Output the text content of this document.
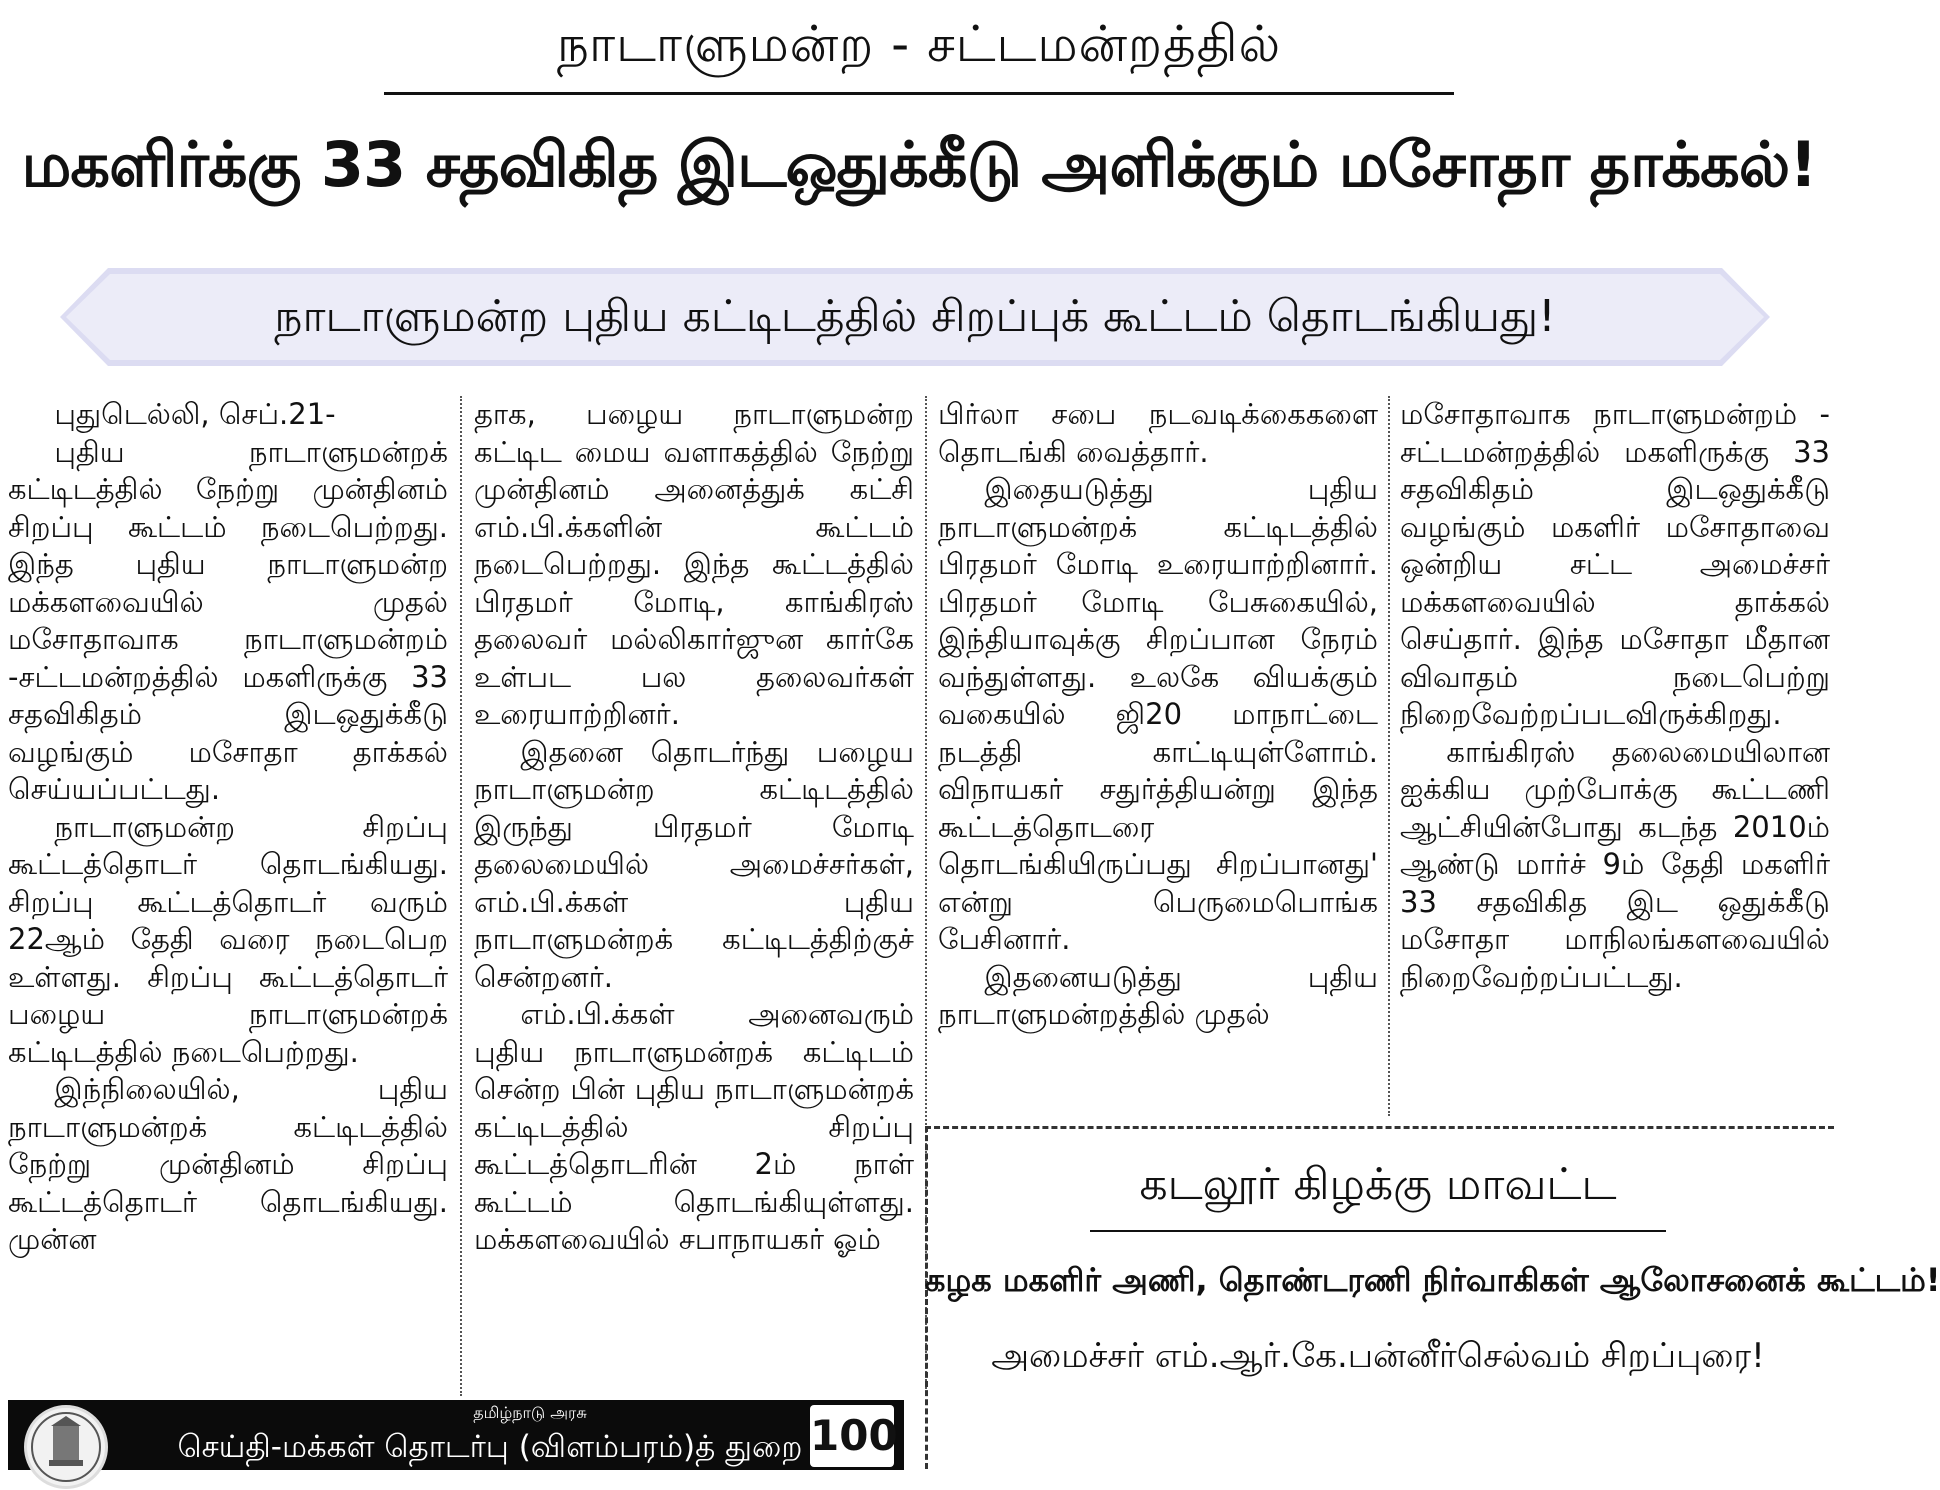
நாடாளுமன்ற - சட்டமன்றத்தில்
மகளிர்க்கு 33 சதவிகித இடஒதுக்கீடு அளிக்கும் மசோதா தாக்கல்!
நாடாளுமன்ற புதிய கட்டிடத்தில் சிறப்புக் கூட்டம் தொடங்கியது!

புதுடெல்லி, செப்.21-

புதிய நாடாளுமன்றக் கட்டிடத்தில் நேற்று முன்தினம் சிறப்பு கூட்டம் நடைபெற்றது. இந்த புதிய நாடாளுமன்ற மக்களவையில் முதல் மசோதாவாக நாடாளுமன்றம் -சட்டமன்றத்தில் மகளிருக்கு 33 சதவிகிதம் இடஒதுக்கீடு வழங்கும் மசோதா தாக்கல் செய்யப்பட்டது.

நாடாளுமன்ற சிறப்பு கூட்டத்தொடர் தொடங்கியது. சிறப்பு கூட்டத்தொடர் வரும் 22ஆம் தேதி வரை நடைபெற உள்ளது. சிறப்பு கூட்டத்தொடர் பழைய நாடாளுமன்றக் கட்டிடத்தில் நடைபெற்றது.

இந்நிலையில், புதிய நாடாளுமன்றக் கட்டிடத்தில் நேற்று முன்தினம் சிறப்பு கூட்டத்தொடர் தொடங்கியது. முன்ன

தாக, பழைய நாடாளுமன்ற கட்டிட மைய வளாகத்தில் நேற்று முன்தினம் அனைத்துக் கட்சி எம்.பி.க்களின் கூட்டம் நடைபெற்றது. இந்த கூட்டத்தில் பிரதமர் மோடி, காங்கிரஸ் தலைவர் மல்லிகார்ஜுன கார்கே உள்பட பல தலைவர்கள் உரையாற்றினர்.

இதனை தொடர்ந்து பழைய நாடாளுமன்ற கட்டிடத்தில் இருந்து பிரதமர் மோடி தலைமையில் அமைச்சர்கள், எம்.பி.க்கள் புதிய நாடாளுமன்றக் கட்டிடத்திற்குச் சென்றனர்.

எம்.பி.க்கள் அனைவரும் புதிய நாடாளுமன்றக் கட்டிடம் சென்ற பின் புதிய நாடாளுமன்றக் கட்டிடத்தில் சிறப்பு கூட்டத்தொடரின் 2ம் நாள் கூட்டம் தொடங்கியுள்ளது. மக்களவையில் சபாநாயகர் ஓம்

பிர்லா சபை நடவடிக்கைகளை தொடங்கி வைத்தார்.

இதையடுத்து புதிய நாடாளுமன்றக் கட்டிடத்தில் பிரதமர் மோடி உரையாற்றினார். பிரதமர் மோடி பேசுகையில், இந்தியாவுக்கு சிறப்பான நேரம் வந்துள்ளது. உலகே வியக்கும் வகையில் ஜி20 மாநாட்டை நடத்தி காட்டியுள்ளோம். விநாயகர் சதுர்த்தியன்று இந்த கூட்டத்தொடரை தொடங்கியிருப்பது சிறப்பானது' என்று பெருமைபொங்க பேசினார்.

இதனையடுத்து புதிய நாடாளுமன்றத்தில் முதல்

மசோதாவாக நாடாளுமன்றம் - சட்டமன்றத்தில் மகளிருக்கு 33 சதவிகிதம் இடஒதுக்கீடு வழங்கும் மகளிர் மசோதாவை ஒன்றிய சட்ட அமைச்சர் மக்களவையில் தாக்கல் செய்தார். இந்த மசோதா மீதான விவாதம் நடைபெற்று நிறைவேற்றப்படவிருக்கிறது.

காங்கிரஸ் தலைமையிலான ஐக்கிய முற்போக்கு கூட்டணி ஆட்சியின்போது கடந்த 2010ம் ஆண்டு மார்ச் 9ம் தேதி மகளிர் 33 சதவிகித இட ஒதுக்கீடு மசோதா மாநிலங்களவையில் நிறைவேற்றப்பட்டது.

கடலூர் கிழக்கு மாவட்ட
கழக மகளிர் அணி, தொண்டரணி நிர்வாகிகள் ஆலோசனைக் கூட்டம்!
அமைச்சர் எம்.ஆர்.கே.பன்னீர்செல்வம் சிறப்புரை!
தமிழ்நாடு அரசு
செய்தி-மக்கள் தொடர்பு (விளம்பரம்)த் துறை 100
